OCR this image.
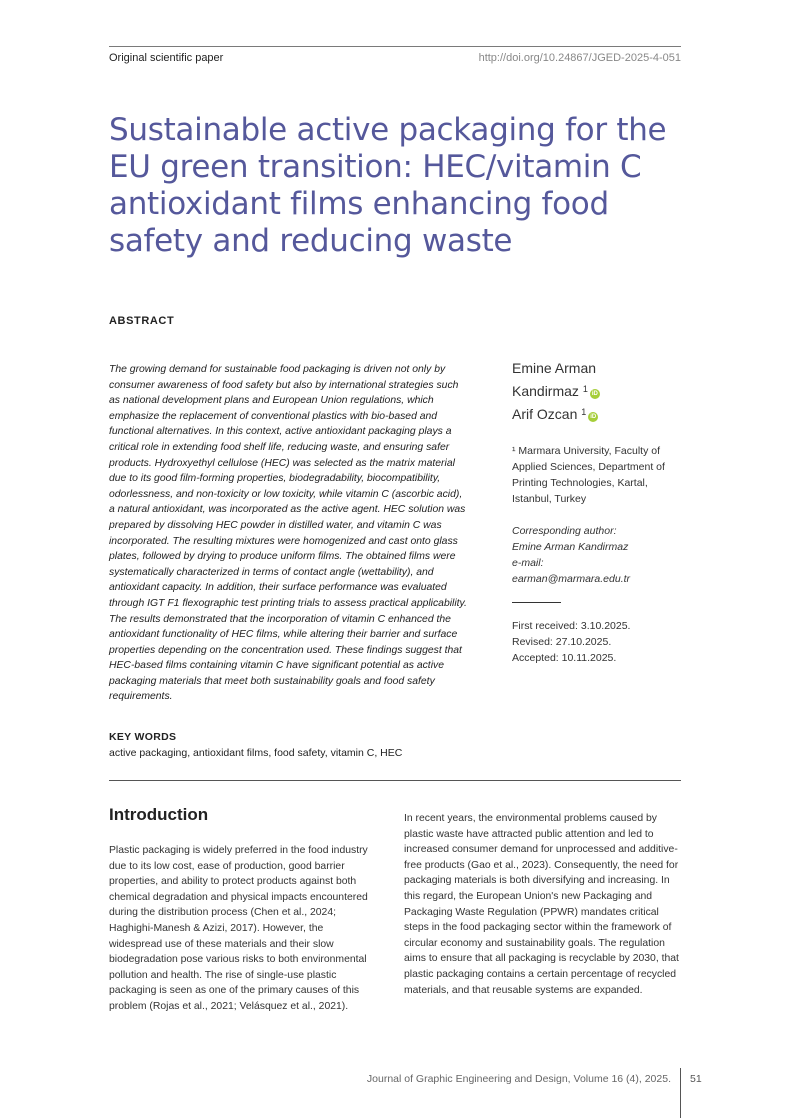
Original scientific paper	http://doi.org/10.24867/JGED-2025-4-051
Sustainable active packaging for the EU green transition: HEC/vitamin C antioxidant films enhancing food safety and reducing waste
ABSTRACT

The growing demand for sustainable food packaging is driven not only by consumer awareness of food safety but also by international strategies such as national development plans and European Union regulations, which emphasize the replacement of conventional plastics with bio-based and functional alternatives. In this context, active antioxidant packaging plays a critical role in extending food shelf life, reducing waste, and ensuring safer products. Hydroxyethyl cellulose (HEC) was selected as the matrix material due to its good film-forming properties, biodegradability, biocompatibility, odorlessness, and non-toxicity or low toxicity, while vitamin C (ascorbic acid), a natural antioxidant, was incorporated as the active agent. HEC solution was prepared by dissolving HEC powder in distilled water, and vitamin C was incorporated. The resulting mixtures were homogenized and cast onto glass plates, followed by drying to produce uniform films. The obtained films were systematically characterized in terms of contact angle (wettability), and antioxidant capacity. In addition, their surface performance was evaluated through IGT F1 flexographic test printing trials to assess practical applicability. The results demonstrated that the incorporation of vitamin C enhanced the antioxidant functionality of HEC films, while altering their barrier and surface properties depending on the concentration used. These findings suggest that HEC-based films containing vitamin C have significant potential as active packaging materials that meet both sustainability goals and food safety requirements.

Emine Arman
Kandirmaz $^1$ iD
Arif Ozcan $^1$ iD

¹ Marmara University, Faculty of Applied Sciences, Department of Printing Technologies, Kartal, Istanbul, Turkey

Corresponding author:
Emine Arman Kandirmaz
e-mail:
earman@marmara.edu.tr

First received: 3.10.2025.
Revised: 27.10.2025.
Accepted: 10.11.2025.

KEY WORDS

active packaging, antioxidant films, food safety, vitamin C, HEC

Introduction

Plastic packaging is widely preferred in the food industry due to its low cost, ease of production, good barrier properties, and ability to protect products against both chemical degradation and physical impacts encountered during the distribution process (Chen et al., 2024; Haghighi-Manesh & Azizi, 2017). However, the widespread use of these materials and their slow biodegradation pose various risks to both environmental pollution and health. The rise of single-use plastic packaging is seen as one of the primary causes of this problem (Rojas et al., 2021; Velásquez et al., 2021).

In recent years, the environmental problems caused by plastic waste have attracted public attention and led to increased consumer demand for unprocessed and additive-free products (Gao et al., 2023). Consequently, the need for packaging materials is both diversifying and increasing. In this regard, the European Union's new Packaging and Packaging Waste Regulation (PPWR) mandates critical steps in the food packaging sector within the framework of circular economy and sustainability goals. The regulation aims to ensure that all packaging is recyclable by 2030, that plastic packaging contains a certain percentage of recycled materials, and that reusable systems are expanded.

Journal of Graphic Engineering and Design, Volume 16 (4), 2025. 51
